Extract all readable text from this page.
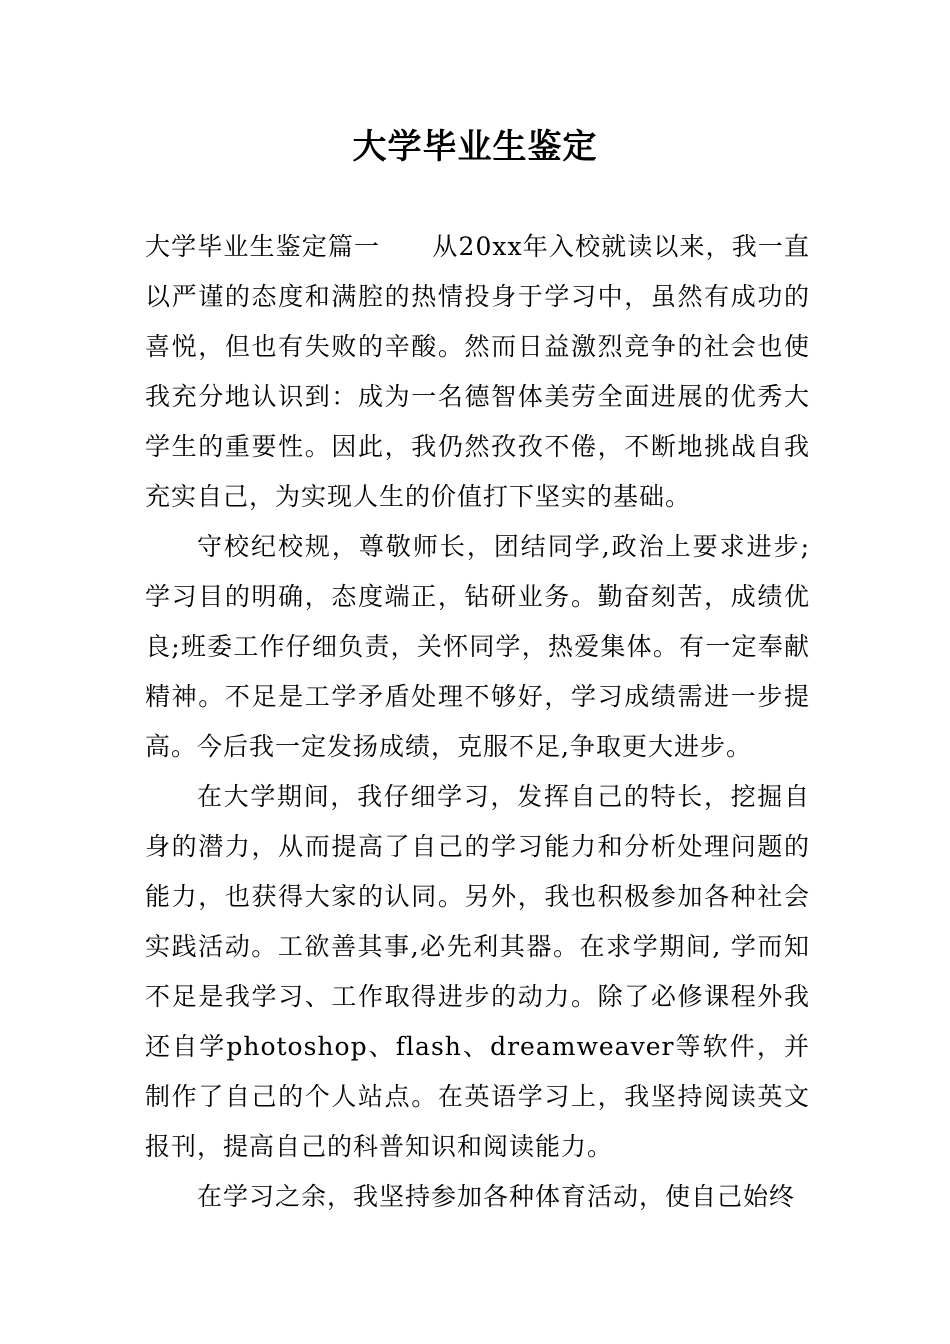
大学毕业生鉴定

大学毕业生鉴定篇一　　从20xx年入校就读以来，我一直以严谨的态度和满腔的热情投身于学习中，虽然有成功的喜悦，但也有失败的辛酸。然而日益激烈竞争的社会也使我充分地认识到：成为一名德智体美劳全面进展的优秀大学生的重要性。因此，我仍然孜孜不倦，不断地挑战自我充实自己，为实现人生的价值打下坚实的基础。

守校纪校规，尊敬师长，团结同学,政治上要求进步;学习目的明确，态度端正，钻研业务。勤奋刻苦，成绩优良;班委工作仔细负责，关怀同学，热爱集体。有一定奉献精神。不足是工学矛盾处理不够好，学习成绩需进一步提高。今后我一定发扬成绩，克服不足,争取更大进步。

在大学期间，我仔细学习，发挥自己的特长，挖掘自身的潜力，从而提高了自己的学习能力和分析处理问题的能力，也获得大家的认同。另外，我也积极参加各种社会实践活动。工欲善其事,必先利其器。在求学期间, 学而知不足是我学习、工作取得进步的动力。除了必修课程外我还自学photoshop、flash、dreamweaver等软件，并制作了自己的个人站点。在英语学习上，我坚持阅读英文报刊，提高自己的科普知识和阅读能力。

在学习之余，我坚持参加各种体育活动，使自己始终
